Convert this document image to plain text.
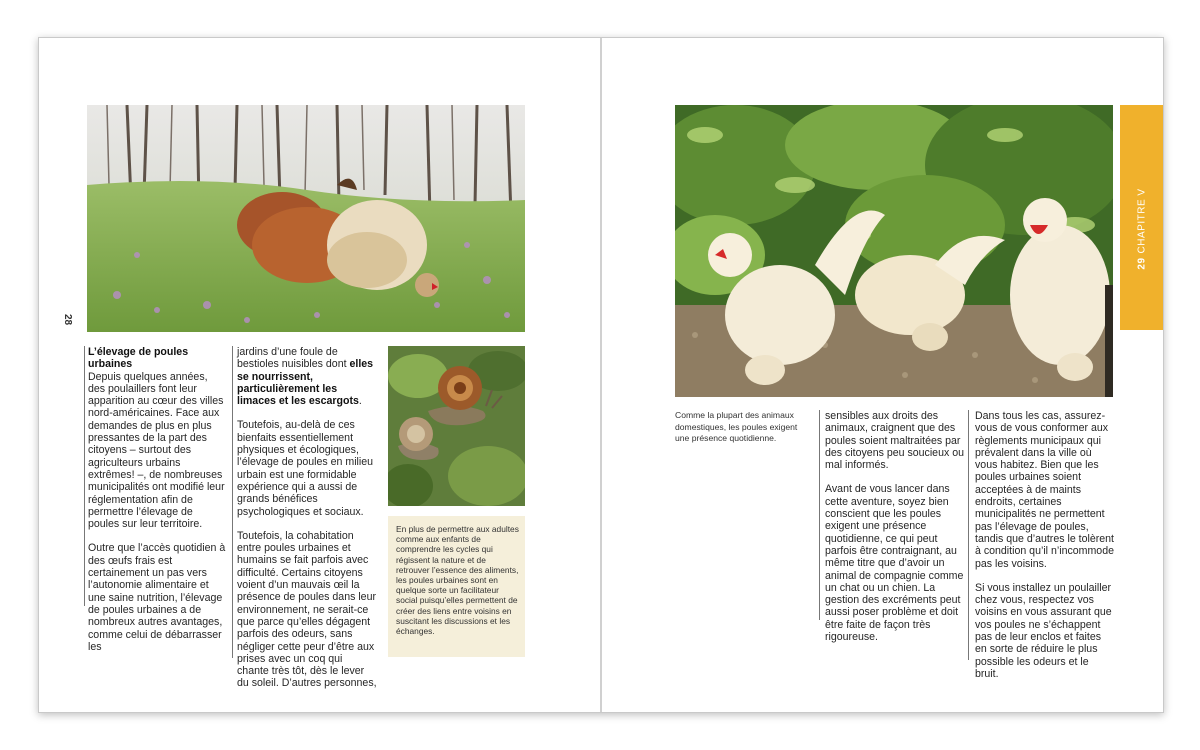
28
29CHAPITRE V

L’élevage de poules urbaines
Depuis quelques années, des poulaillers font leur apparition au cœur des villes nord-américaines. Face aux demandes de plus en plus pressantes de la part des citoyens – surtout des agriculteurs urbains extrêmes! –, de nombreuses municipalités ont modifié leur réglementation afin de permettre l’élevage de poules sur leur territoire.

Outre que l’accès quotidien à des œufs frais est certainement un pas vers l’autonomie alimentaire et une saine nutrition, l’élevage de poules urbaines a de nombreux autres avantages, comme celui de débarrasser les

jardins d’une foule de bestioles nuisibles dont elles se nourrissent, particulièrement les limaces et les escargots.

Toutefois, au-delà de ces bienfaits essentiellement physiques et écologiques, l’élevage de poules en milieu urbain est une formidable expérience qui a aussi de grands bénéfices psychologiques et sociaux.

Toutefois, la cohabitation entre poules urbaines et humains se fait parfois avec difficulté. Certains citoyens voient d’un mauvais œil la présence de poules dans leur environnement, ne serait-ce que parce qu’elles dégagent parfois des odeurs, sans négliger cette peur d’être aux prises avec un coq qui chante très tôt, dès le lever du soleil. D’autres personnes,

En plus de permettre aux adultes comme aux enfants de comprendre les cycles qui régissent la nature et de retrouver l’essence des aliments, les poules urbaines sont en quelque sorte un facilitateur social puisqu’elles permettent de créer des liens entre voisins en suscitant les discussions et les échanges.
Comme la plupart des animaux domestiques, les poules exigent une présence quotidienne.

sensibles aux droits des animaux, craignent que des poules soient maltraitées par des citoyens peu soucieux ou mal informés.

Avant de vous lancer dans cette aventure, soyez bien conscient que les poules exigent une présence quotidienne, ce qui peut parfois être contraignant, au même titre que d’avoir un animal de compagnie comme un chat ou un chien. La gestion des excréments peut aussi poser problème et doit être faite de façon très rigoureuse.

Dans tous les cas, assurez-vous de vous conformer aux règlements municipaux qui prévalent dans la ville où vous habitez. Bien que les poules urbaines soient acceptées à de maints endroits, certaines municipalités ne permettent pas l’élevage de poules, tandis que d’autres le tolèrent à condition qu’il n’incommode pas les voisins.

Si vous installez un poulailler chez vous, respectez vos voisins en vous assurant que vos poules ne s’échappent pas de leur enclos et faites en sorte de réduire le plus possible les odeurs et le bruit.
